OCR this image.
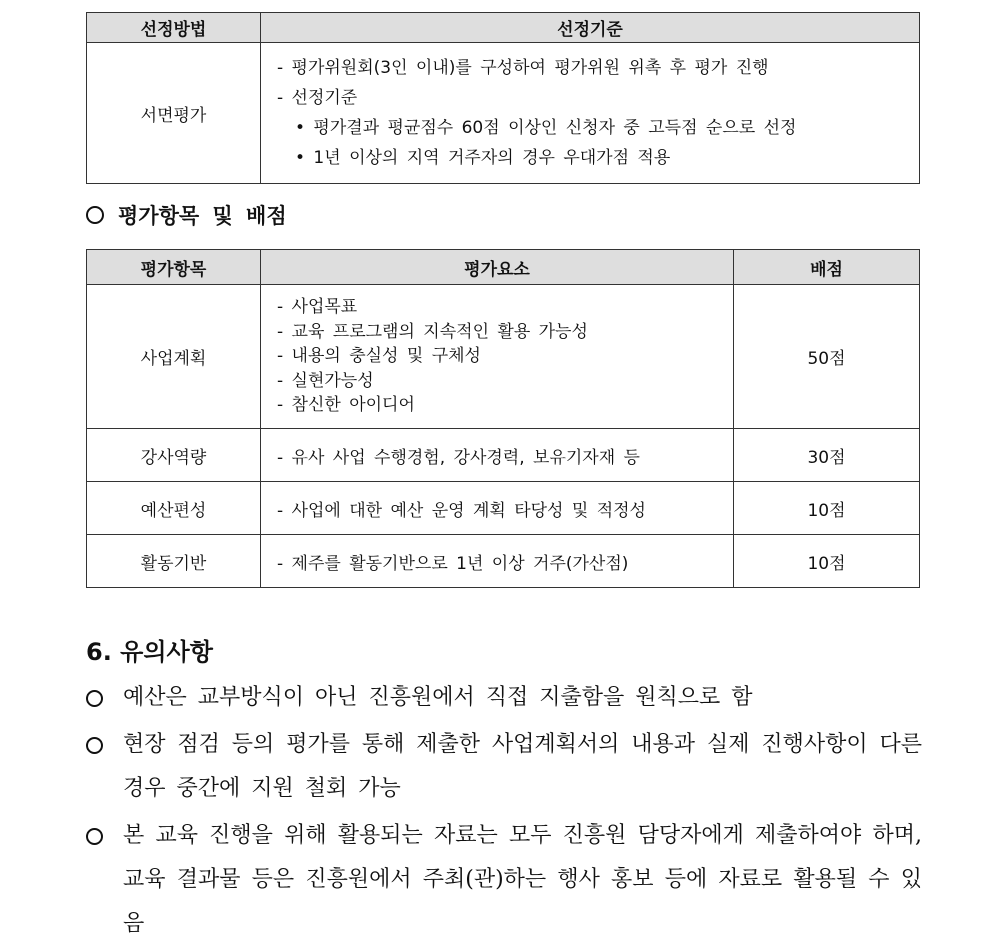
선정방법	선정기준
서면평가	- 평가위원회(3인 이내)를 구성하여 평가위원 위촉 후 평가 진행
- 선정기준
• 평가결과 평균점수 60점 이상인 신청자 중 고득점 순으로 선정
• 1년 이상의 지역 거주자의 경우 우대가점 적용
평가항목 및 배점
평가항목	평가요소	배점
사업계획	- 사업목표
- 교육 프로그램의 지속적인 활용 가능성
- 내용의 충실성 및 구체성
- 실현가능성
- 참신한 아이디어	50점
강사역량	- 유사 사업 수행경험, 강사경력, 보유기자재 등	30점
예산편성	- 사업에 대한 예산 운영 계획 타당성 및 적정성	10점
활동기반	- 제주를 활동기반으로 1년 이상 거주(가산점)	10점
6. 유의사항
예산은 교부방식이 아닌 진흥원에서 직접 지출함을 원칙으로 함
현장 점검 등의 평가를 통해 제출한 사업계획서의 내용과 실제 진행사항이 다른 경우 중간에 지원 철회 가능
본 교육 진행을 위해 활용되는 자료는 모두 진흥원 담당자에게 제출하여야 하며, 교육 결과물 등은 진흥원에서 주최(관)하는 행사 홍보 등에 자료로 활용될 수 있음
